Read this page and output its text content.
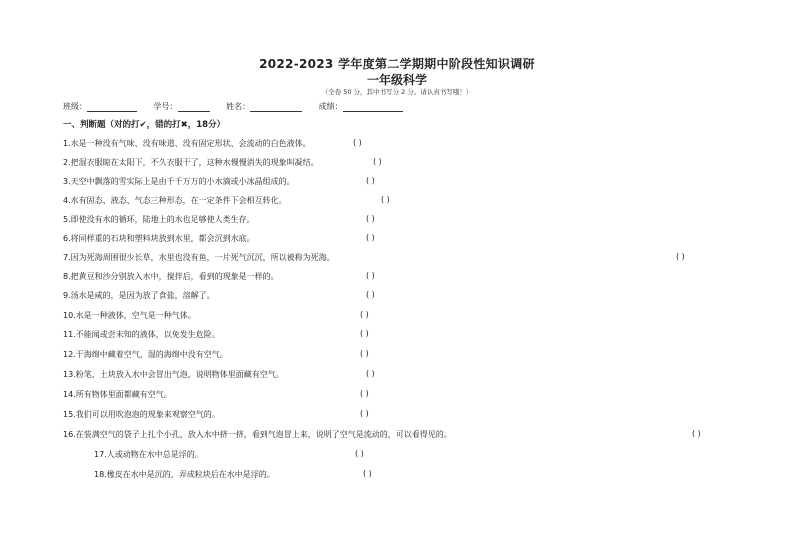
2022-2023 学年度第二学期期中阶段性知识调研
一年级科学
（全卷 50 分，其中书写分 2 分。请认真书写哦！）
班级：	学号：	姓名：	成绩：
一、判断题（对的打✔，错的打✖，18分）
1.水是一种没有气味、没有味道、没有固定形状、会流动的白色液体。	( )
2.把湿衣服晾在太阳下，不久衣服干了，这种水慢慢消失的现象叫凝结。	( )
3.天空中飘落的雪实际上是由千千万万的小水滴或小冰晶组成的。	( )
4.水有固态、液态、气态三种形态，在一定条件下会相互转化。	( )
5.即使没有水的循环，陆地上的水也足够使人类生存。	( )
6.将同样重的石块和塑料块放到水里，都会沉到水底。	( )
7.因为死海周围很少长草，水里也没有鱼，一片死气沉沉，所以被称为死海。	( )
8.把黄豆和沙分别放入水中，搅拌后，看到的现象是一样的。	( )
9.汤水是咸的，是因为放了食盐，溶解了。	( )
10.水是一种液体，空气是一种气体。	( )
11.不能闻或尝未知的液体，以免发生危险。	( )
12.干海绵中藏着空气，湿的海绵中没有空气。	( )
13.粉笔、土块放入水中会冒出气泡，说明物体里面藏有空气。	( )
14.所有物体里面都藏有空气。	( )
15.我们可以用吹泡泡的现象来观察空气的。	( )
16.在装满空气的袋子上扎个小孔，放入水中挤一挤，看到气泡冒上来，说明了空气是流动的，可以看得见的。	( )
17.人或动物在水中总是浮的。	( )
18.橡皮在水中是沉的，弄成粒块后在水中是浮的。	( )
